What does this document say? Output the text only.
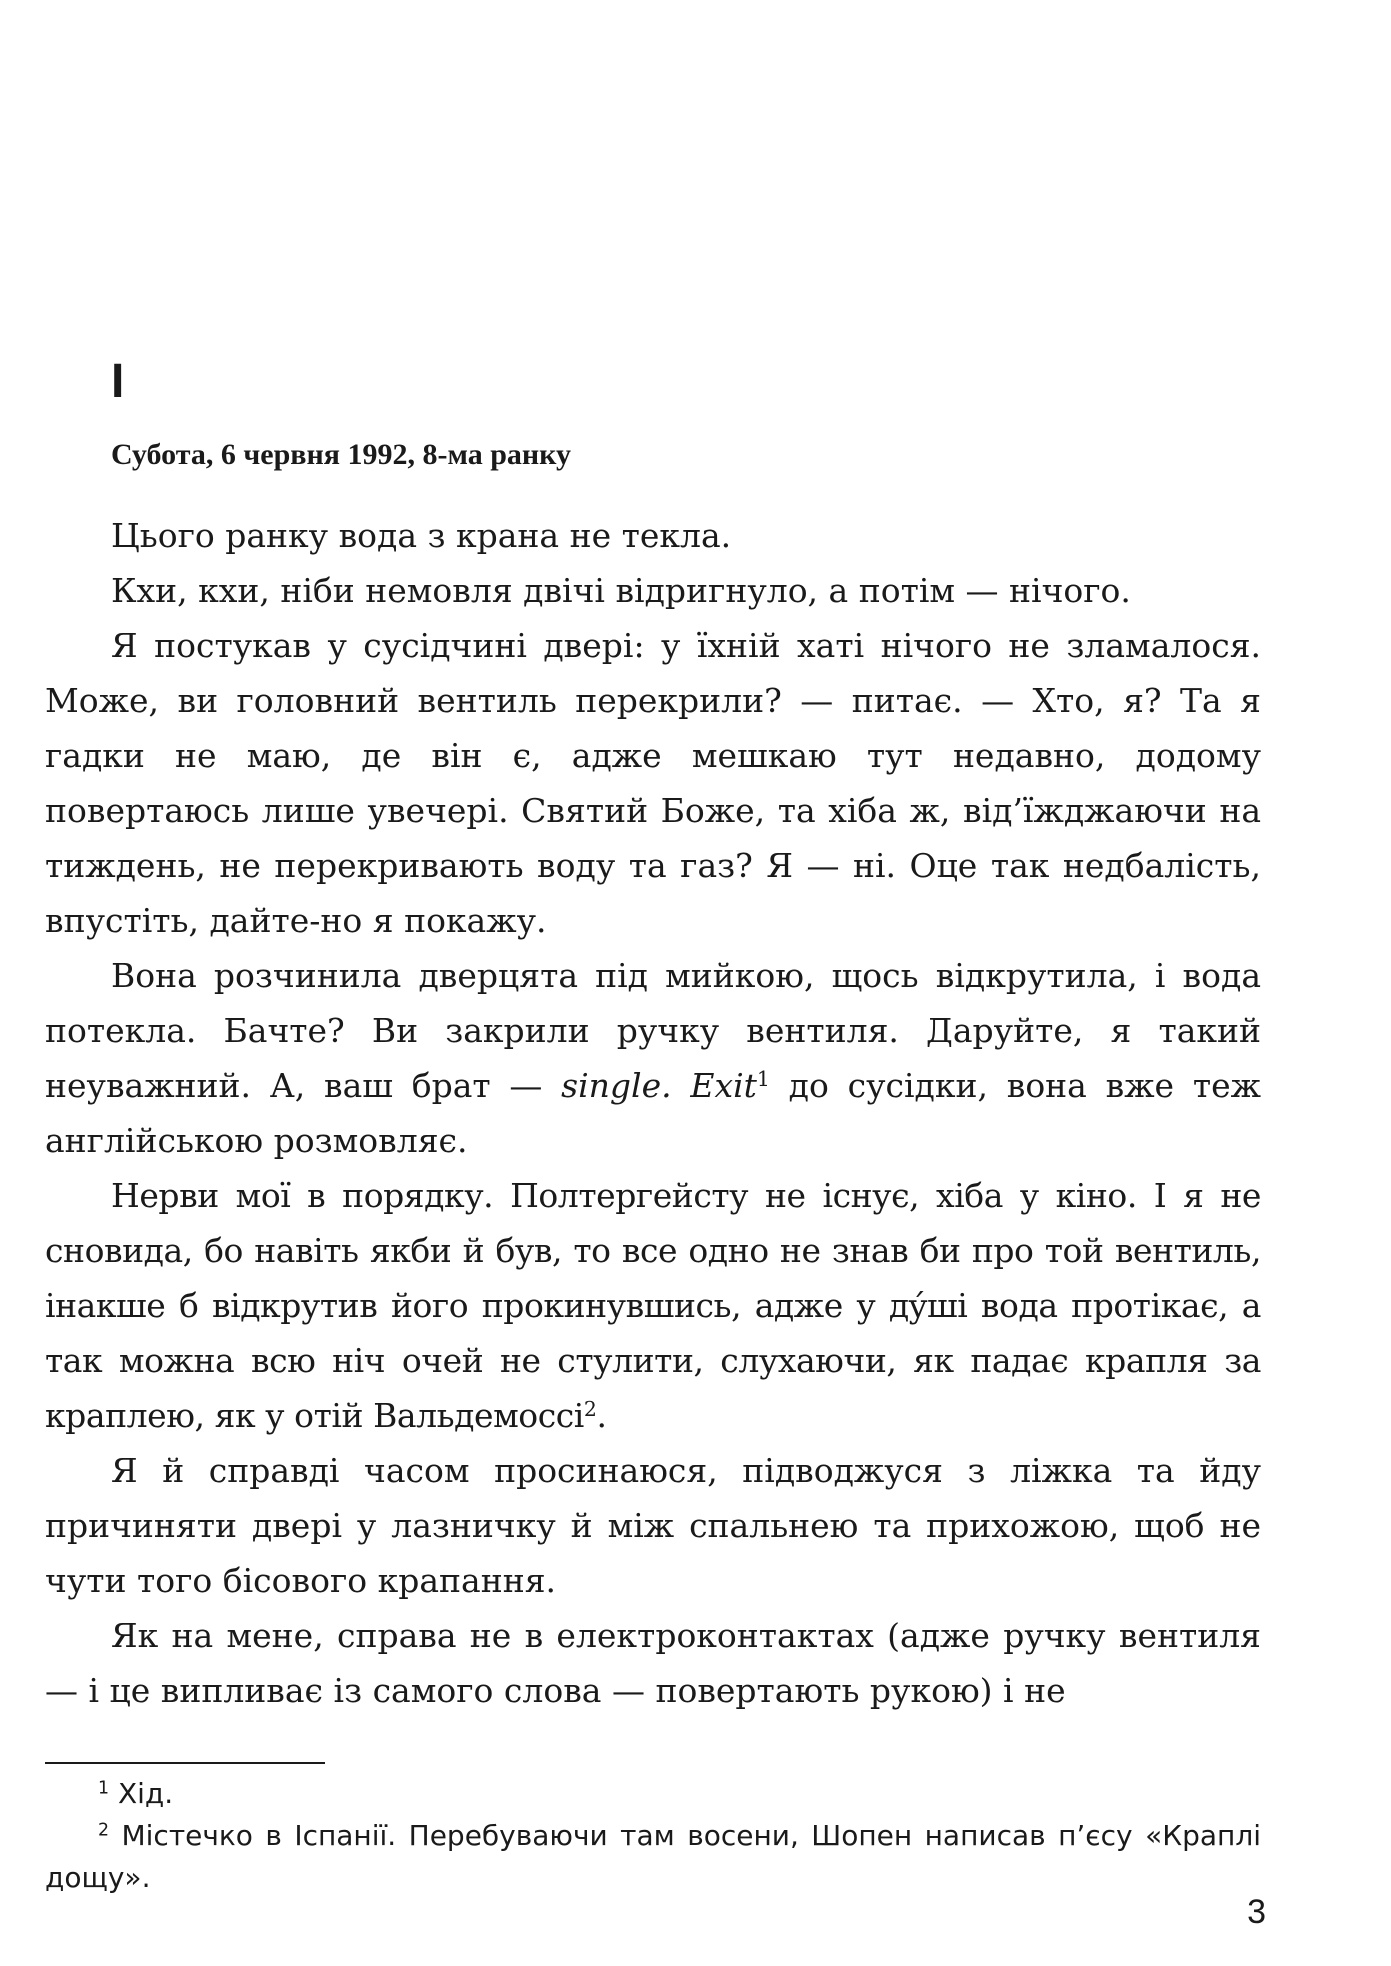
I

Субота, 6 червня 1992, 8-ма ранку

Цього ранку вода з крана не текла.

Кхи, кхи, ніби немовля двічі відригнуло, а потім — нічого.

Я постукав у сусідчині двері: у їхній хаті нічого не зламалося. Може, ви головний вентиль перекрили? — питає. — Хто, я? Та я гадки не маю, де він є, адже мешкаю тут недавно, додому повертаюсь лише увечері. Святий Боже, та хіба ж, від’їжджаючи на тиждень, не перекривають воду та газ? Я — ні. Оце так недбалість, впустіть, дайте-но я покажу.

Вона розчинила дверцята під мийкою, щось відкрутила, і вода потекла. Бачте? Ви закрили ручку вентиля. Даруйте, я такий неуважний. А, ваш брат — single. Exit$^1$ до сусідки, вона вже теж англійською розмовляє.

Нерви мої в порядку. Полтергейсту не існує, хіба у кіно. І я не сновида, бо навіть якби й був, то все одно не знав би про той вентиль, інакше б відкрутив його прокинувшись, адже у дýші вода протікає, а так можна всю ніч очей не стулити, слухаючи, як падає крапля за краплею, як у отій Вальдемоссі$^2$.

Я й справді часом просинаюся, підводжуся з ліжка та йду причиняти двері у лазничку й між спальнею та прихожою, щоб не чути того бісового крапання.

Як на мене, справа не в електроконтактах (адже ручку вентиля — і це випливає із самого слова — повертають рукою) і не

$^1$ Хід.

$^2$ Містечко в Іспанії. Перебуваючи там восени, Шопен написав п’єсу «Краплі дощу».

3
